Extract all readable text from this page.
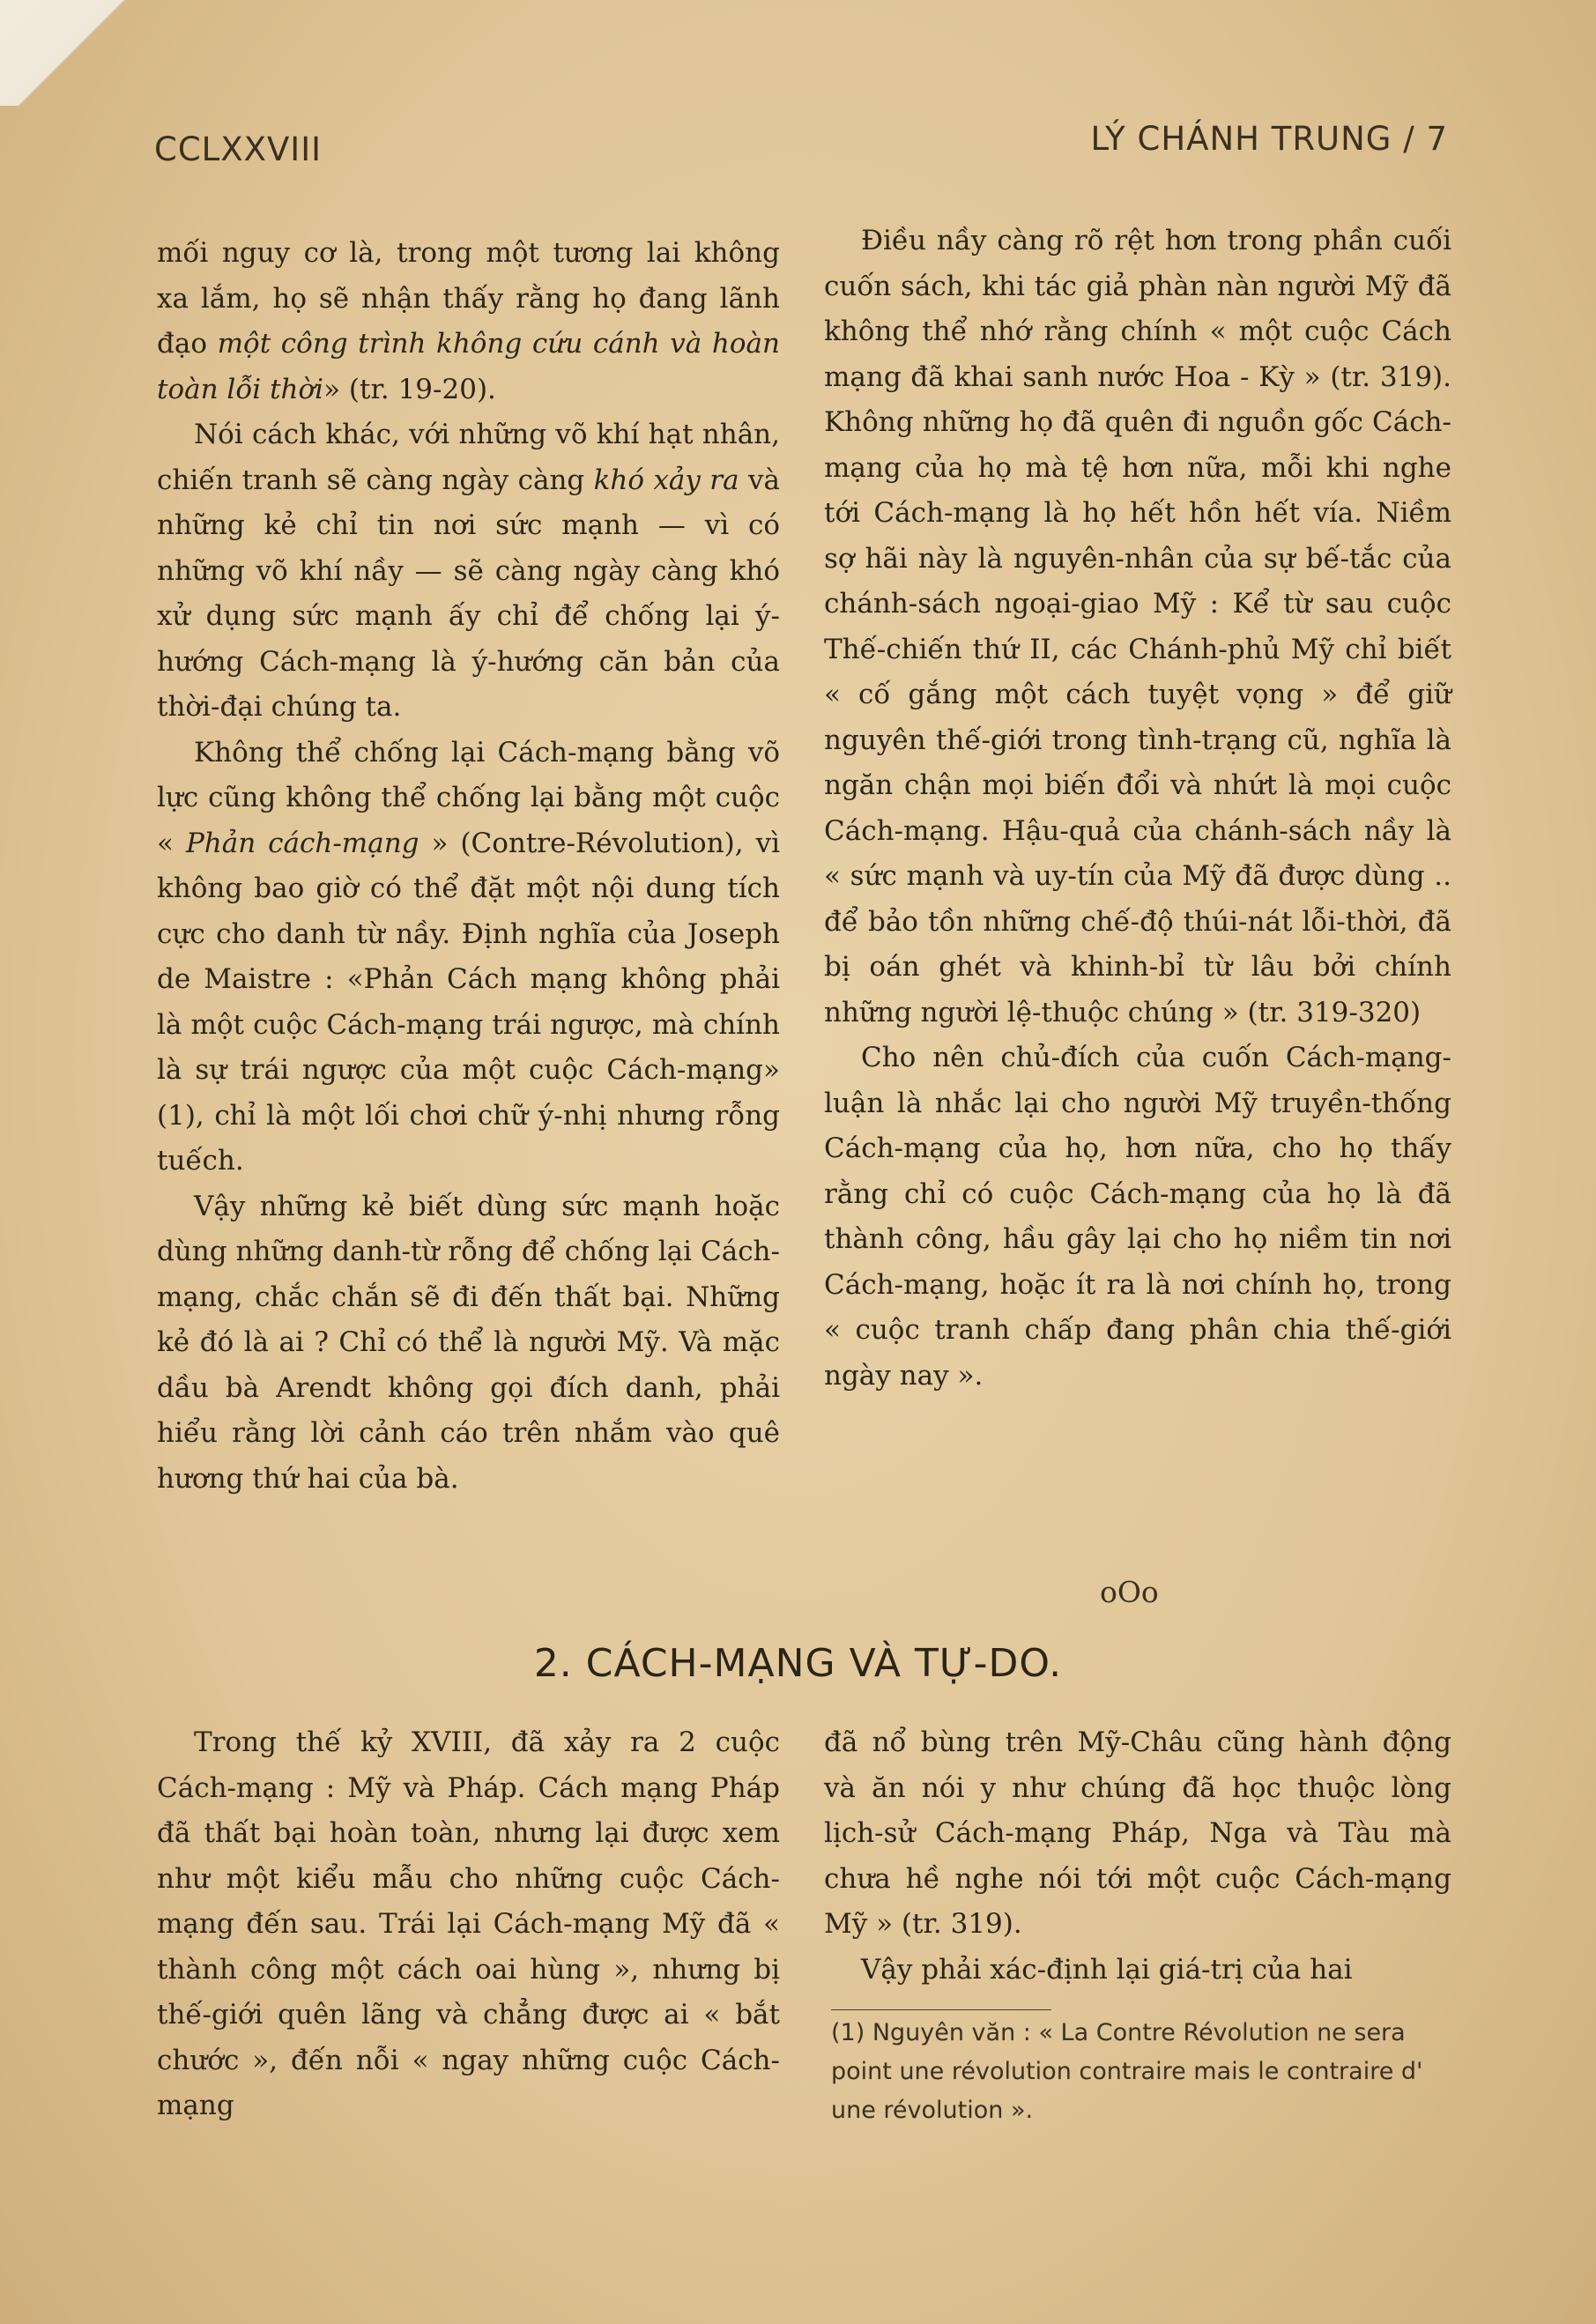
CCLXXVIII	LÝ CHÁNH TRUNG / 7

mối nguy cơ là, trong một tương lai không xa lắm, họ sẽ nhận thấy rằng họ đang lãnh đạo một công trình không cứu cánh và hoàn toàn lỗi thời» (tr. 19-20).

Nói cách khác, với những võ khí hạt nhân, chiến tranh sẽ càng ngày càng khó xảy ra và những kẻ chỉ tin nơi sức mạnh — vì có những võ khí nầy — sẽ càng ngày càng khó xử dụng sức mạnh ấy chỉ để chống lại ý-hướng Cách-mạng là ý-hướng căn bản của thời-đại chúng ta.

Không thể chống lại Cách-mạng bằng võ lực cũng không thể chống lại bằng một cuộc « Phản cách-mạng » (Contre-Révolution), vì không bao giờ có thể đặt một nội dung tích cực cho danh từ nầy. Định nghĩa của Joseph de Maistre : «Phản Cách mạng không phải là một cuộc Cách-mạng trái ngược, mà chính là sự trái ngược của một cuộc Cách-mạng» (1), chỉ là một lối chơi chữ ý-nhị nhưng rỗng tuếch.

Vậy những kẻ biết dùng sức mạnh hoặc dùng những danh-từ rỗng để chống lại Cách-mạng, chắc chắn sẽ đi đến thất bại. Những kẻ đó là ai ? Chỉ có thể là người Mỹ. Và mặc dầu bà Arendt không gọi đích danh, phải hiểu rằng lời cảnh cáo trên nhắm vào quê hương thứ hai của bà.

Điều nầy càng rõ rệt hơn trong phần cuối cuốn sách, khi tác giả phàn nàn người Mỹ đã không thể nhớ rằng chính « một cuộc Cách mạng đã khai sanh nước Hoa - Kỳ » (tr. 319). Không những họ đã quên đi nguồn gốc Cách-mạng của họ mà tệ hơn nữa, mỗi khi nghe tới Cách-mạng là họ hết hồn hết vía. Niềm sợ hãi này là nguyên-nhân của sự bế-tắc của chánh-sách ngoại-giao Mỹ : Kể từ sau cuộc Thế-chiến thứ II, các Chánh-phủ Mỹ chỉ biết « cố gắng một cách tuyệt vọng » để giữ nguyên thế-giới trong tình-trạng cũ, nghĩa là ngăn chận mọi biến đổi và nhứt là mọi cuộc Cách-mạng. Hậu-quả của chánh-sách nầy là « sức mạnh và uy-tín của Mỹ đã được dùng .. để bảo tồn những chế-độ thúi-nát lỗi-thời, đã bị oán ghét và khinh-bỉ từ lâu bởi chính những người lệ-thuộc chúng » (tr. 319-320)

Cho nên chủ-đích của cuốn Cách-mạng-luận là nhắc lại cho người Mỹ truyền-thống Cách-mạng của họ, hơn nữa, cho họ thấy rằng chỉ có cuộc Cách-mạng của họ là đã thành công, hầu gây lại cho họ niềm tin nơi Cách-mạng, hoặc ít ra là nơi chính họ, trong « cuộc tranh chấp đang phân chia thế-giới ngày nay ».

oOo
2. CÁCH-MẠNG VÀ TỰ-DO.

Trong thế kỷ XVIII, đã xảy ra 2 cuộc Cách-mạng : Mỹ và Pháp. Cách mạng Pháp đã thất bại hoàn toàn, nhưng lại được xem như một kiểu mẫu cho những cuộc Cách-mạng đến sau. Trái lại Cách-mạng Mỹ đã « thành công một cách oai hùng », nhưng bị thế-giới quên lãng và chẳng được ai « bắt chước », đến nỗi « ngay những cuộc Cách-mạng

đã nổ bùng trên Mỹ-Châu cũng hành động và ăn nói y như chúng đã học thuộc lòng lịch-sử Cách-mạng Pháp, Nga và Tàu mà chưa hề nghe nói tới một cuộc Cách-mạng Mỹ » (tr. 319).

Vậy phải xác-định lại giá-trị của hai

(1) Nguyên văn : « La Contre Révolution ne sera point une révolution contraire mais le contraire d' une révolution ».
